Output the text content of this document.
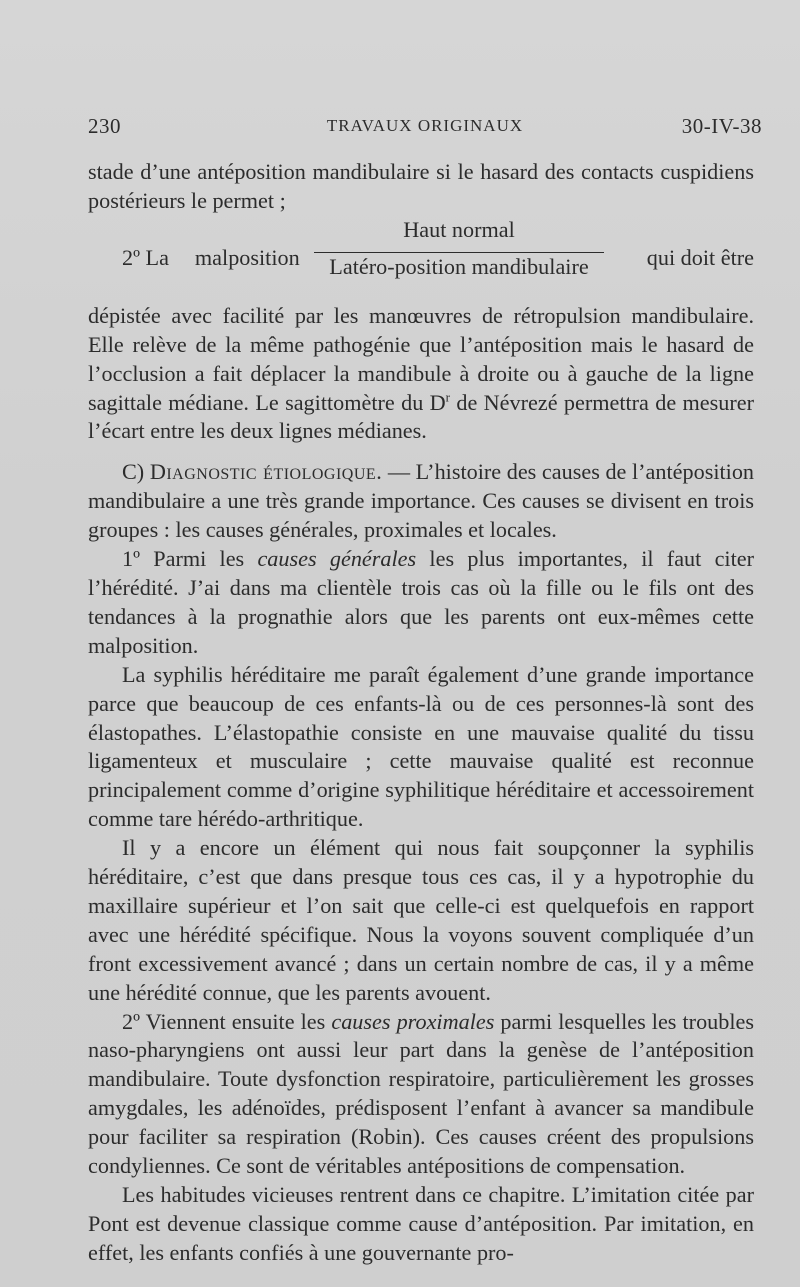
230	TRAVAUX ORIGINAUX	30-IV-38

stade d’une antéposition mandibulaire si le hasard des contacts cuspidiens postérieurs le permet ;

2º La malposition
Haut normal
Latéro-position mandibulaire	qui doit être

dépistée avec facilité par les manœuvres de rétropulsion mandibulaire. Elle relève de la même pathogénie que l’antéposition mais le hasard de l’occlusion a fait déplacer la mandibule à droite ou à gauche de la ligne sagittale médiane. Le sagittomètre du $D^r$ de Névrezé permettra de mesurer l’écart entre les deux lignes médianes.

C) Diagnostic étiologique. — L’histoire des causes de l’antéposition mandibulaire a une très grande importance. Ces causes se divisent en trois groupes : les causes générales, proximales et locales.

1º Parmi les causes générales les plus importantes, il faut citer l’hérédité. J’ai dans ma clientèle trois cas où la fille ou le fils ont des tendances à la prognathie alors que les parents ont eux-mêmes cette malposition.

La syphilis héréditaire me paraît également d’une grande importance parce que beaucoup de ces enfants-là ou de ces personnes-là sont des élastopathes. L’élastopathie consiste en une mauvaise qualité du tissu ligamenteux et musculaire ; cette mauvaise qualité est reconnue principalement comme d’origine syphilitique héréditaire et accessoirement comme tare hérédo-arthritique.

Il y a encore un élément qui nous fait soupçonner la syphilis héréditaire, c’est que dans presque tous ces cas, il y a hypotrophie du maxillaire supérieur et l’on sait que celle-ci est quelquefois en rapport avec une hérédité spécifique. Nous la voyons souvent compliquée d’un front excessivement avancé ; dans un certain nombre de cas, il y a même une hérédité connue, que les parents avouent.

2º Viennent ensuite les causes proximales parmi lesquelles les troubles naso-pharyngiens ont aussi leur part dans la genèse de l’antéposition mandibulaire. Toute dysfonction respiratoire, particulièrement les grosses amygdales, les adénoïdes, prédisposent l’enfant à avancer sa mandibule pour faciliter sa respiration (Robin). Ces causes créent des propulsions condyliennes. Ce sont de véritables antépositions de compensation.

Les habitudes vicieuses rentrent dans ce chapitre. L’imitation citée par Pont est devenue classique comme cause d’antéposition. Par imitation, en effet, les enfants confiés à une gouvernante pro-
